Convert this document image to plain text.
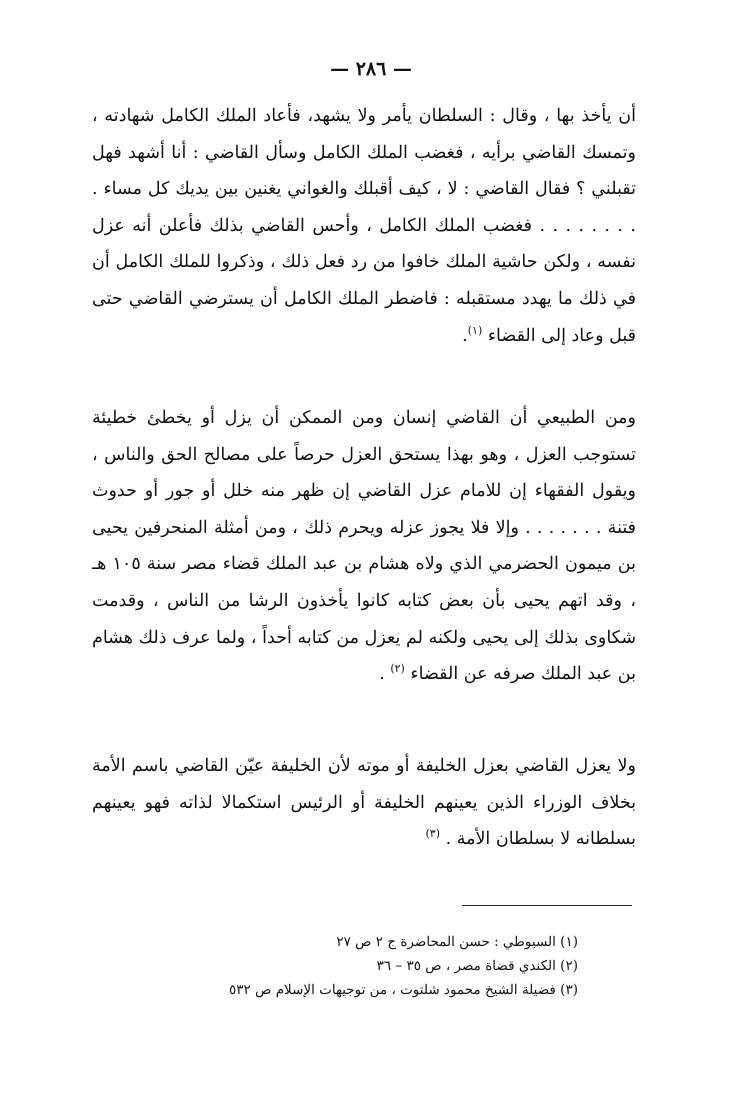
— ٢٨٦ —

أن يأخذ بها ، وقال : السلطان يأمر ولا يشهد، فأعاد الملك الكامل شهادته ، وتمسك القاضي برأيه ، فغضب الملك الكامل وسأل القاضي : أنا أشهد فهل تقبلني ؟ فقال القاضي : لا ، كيف أقبلك والغواني يغنين بين يديك كل مساء . . . . . . . . . فغضب الملك الكامل ، وأحس القاضي بذلك فأعلن أنه عزل نفسه ، ولكن حاشية الملك خافوا من رد فعل ذلك ، وذكروا للملك الكامل أن في ذلك ما يهدد مستقبله : فاضطر الملك الكامل أن يسترضي القاضي حتى قبل وعاد إلى القضاء $^{(١)}$.

ومن الطبيعي أن القاضي إنسان ومن الممكن أن يزل أو يخطئ خطيئة تستوجب العزل ، وهو بهذا يستحق العزل حرصاً على مصالح الحق والناس ، ويقول الفقهاء إن للامام عزل القاضي إن ظهر منه خلل أو جور أو حدوث فتنة . . . . . . . وإلا فلا يجوز عزله ويحرم ذلك ، ومن أمثلة المنحرفين يحيى بن ميمون الحضرمي الذي ولاه هشام بن عبد الملك قضاء مصر سنة ١٠٥ هـ ، وقد اتهم يحيى بأن بعض كتابه كانوا يأخذون الرشا من الناس ، وقدمت شكاوى بذلك إلى يحيى ولكنه لم يعزل من كتابه أحداً ، ولما عرف ذلك هشام بن عبد الملك صرفه عن القضاء $^{(٢)}$ .

ولا يعزل القاضي بعزل الخليفة أو موته لأن الخليفة عيّن القاضي باسم الأمة بخلاف الوزراء الذين يعينهم الخليفة أو الرئيس استكمالا لذاته فهو يعينهم بسلطانه لا بسلطان الأمة . $^{(٣)}$

(١) السيوطي : حسن المحاضرة ج ٢ ص ٢٧
(٢) الكندي قضاة مصر ، ص ٣٥ – ٣٦
(٣) فضيلة الشيخ محمود شلتوت ، من توجيهات الإسلام ص ٥٣٢
